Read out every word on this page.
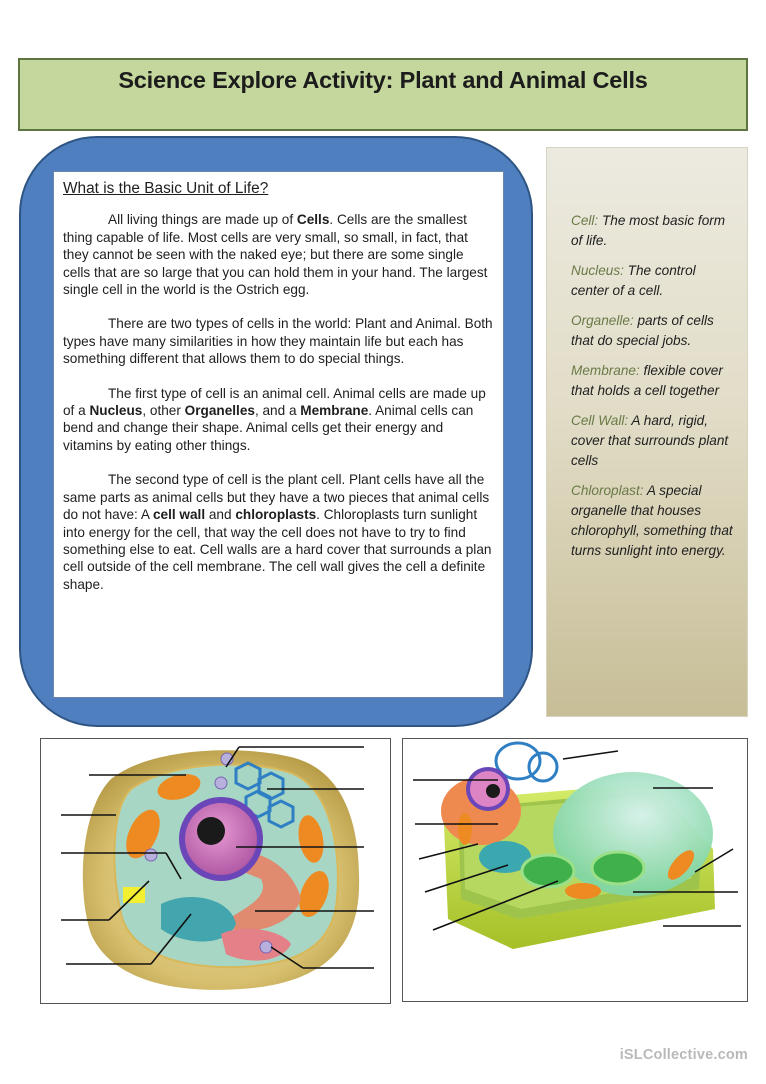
Science Explore Activity: Plant and Animal Cells
What is the Basic Unit of Life?

All living things are made up of Cells. Cells are the smallest thing capable of life. Most cells are very small, so small, in fact, that they cannot be seen with the naked eye; but there are some single cells that are so large that you can hold them in your hand. The largest single cell in the world is the Ostrich egg.

There are two types of cells in the world: Plant and Animal. Both types have many similarities in how they maintain life but each has something different that allows them to do special things.

The first type of cell is an animal cell. Animal cells are made up of a Nucleus, other Organelles, and a Membrane. Animal cells can bend and change their shape. Animal cells get their energy and vitamins by eating other things.

The second type of cell is the plant cell. Plant cells have all the same parts as animal cells but they have a two pieces that animal cells do not have: A cell wall and chloroplasts. Chloroplasts turn sunlight into energy for the cell, that way the cell does not have to try to find something else to eat. Cell walls are a hard cover that surrounds a plan cell outside of the cell membrane. The cell wall gives the cell a definite shape.

Cell: The most basic form of life.
Nucleus: The control center of a cell.
Organelle: parts of cells that do special jobs.
Membrane: flexible cover that holds a cell together
Cell Wall: A hard, rigid, cover that surrounds plant cells
Chloroplast: A special organelle that houses chlorophyll, something that turns sunlight into energy.
iSLCollective.com
